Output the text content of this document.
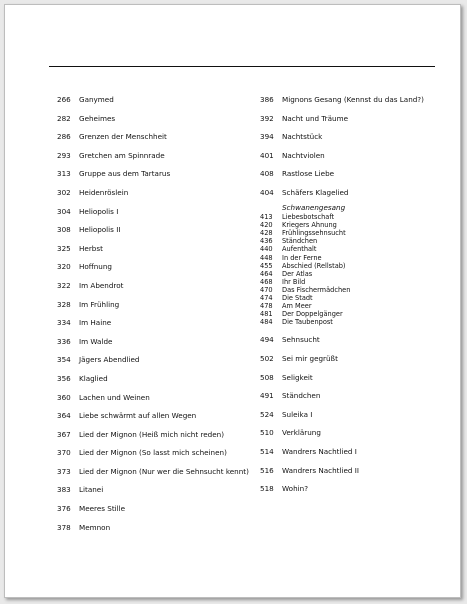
266 Ganymed
282 Geheimes
286 Grenzen der Menschheit
293 Gretchen am Spinnrade
313 Gruppe aus dem Tartarus
302 Heidenröslein
304 Heliopolis I
308 Heliopolis II
325 Herbst
320 Hoffnung
322 Im Abendrot
328 Im Frühling
334 Im Haine
336 Im Walde
354 Jägers Abendlied
356 Klaglied
360 Lachen und Weinen
364 Liebe schwärmt auf allen Wegen
367 Lied der Mignon (Heiß mich nicht reden)
370 Lied der Mignon (So lasst mich scheinen)
373 Lied der Mignon (Nur wer die Sehnsucht kennt)
383 Litanei
376 Meeres Stille
378 Memnon
386 Mignons Gesang (Kennst du das Land?)
392 Nacht und Träume
394 Nachtstück
401 Nachtviolen
408 Rastlose Liebe
404 Schäfers Klagelied
Schwanengesang
413 Liebesbotschaft
420 Kriegers Ahnung
428 Frühlingssehnsucht
436 Ständchen
440 Aufenthalt
448 In der Ferne
455 Abschied (Rellstab)
464 Der Atlas
468 Ihr Bild
470 Das Fischermädchen
474 Die Stadt
478 Am Meer
481 Der Doppelgänger
484 Die Taubenpost
494 Sehnsucht
502 Sei mir gegrüßt
508 Seligkeit
491 Ständchen
524 Suleika I
510 Verklärung
514 Wandrers Nachtlied I
516 Wandrers Nachtlied II
518 Wohin?
